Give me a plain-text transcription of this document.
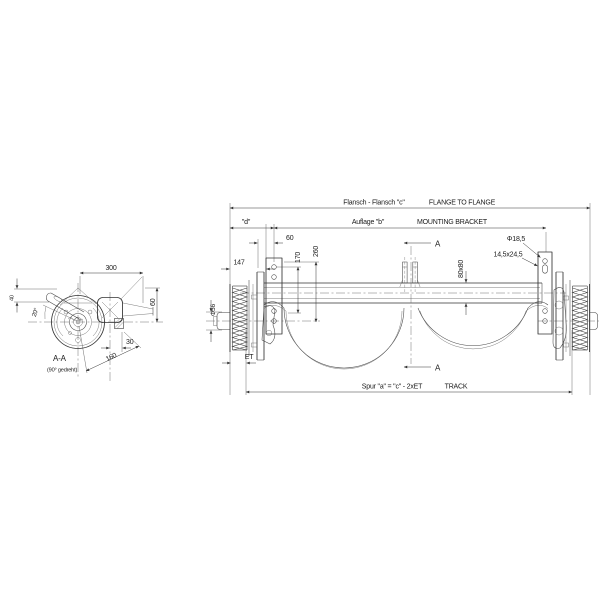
300
60
30
160
20°
40
A-A
(90° gedreht)
Flansch - Flansch "c"	FLANGE TO FLANGE
"d"	Auflage "b"	MOUNTING BRACKET
60
147	170
260
80x80
Φ18,5
14,5x24,5
Φ56
A
A
ET
Spur "a" = "c" - 2xET	TRACK
